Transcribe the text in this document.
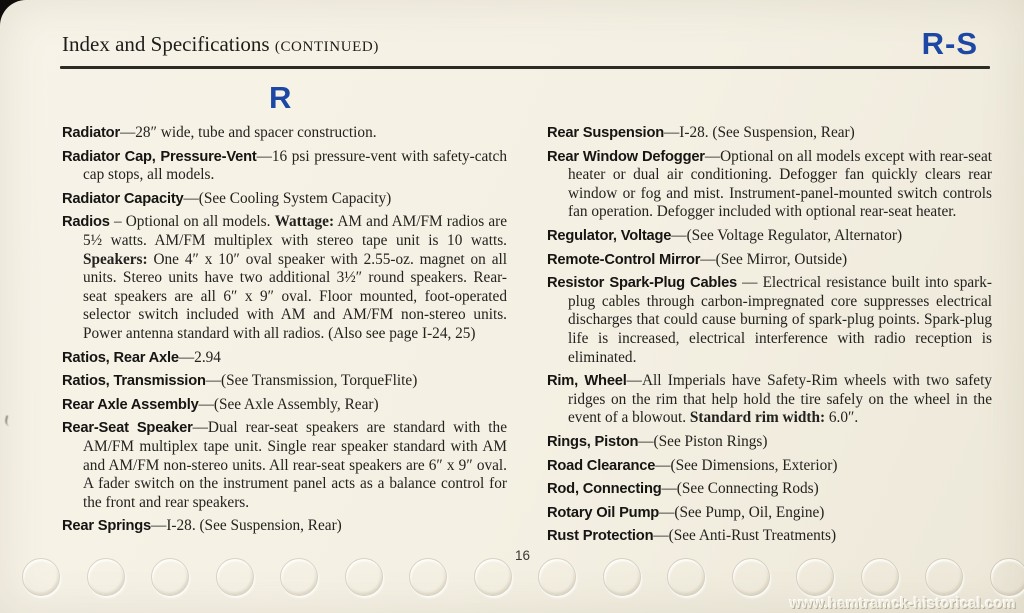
Index and Specifications (CONTINUED)	R-S
R

Radiator—28″ wide, tube and spacer construction.

Radiator Cap, Pressure-Vent—16 psi pressure-vent with safety-catch cap stops, all models.

Radiator Capacity—(See Cooling System Capacity)

Radios – Optional on all models. Wattage: AM and AM/FM radios are 5½ watts. AM/FM multiplex with stereo tape unit is 10 watts. Speakers: One 4″ x 10″ oval speaker with 2.55-oz. magnet on all units. Stereo units have two additional 3½″ round speakers. Rear-seat speakers are all 6″ x 9″ oval. Floor mounted, foot-operated selector switch included with AM and AM/FM non-stereo units. Power antenna standard with all radios. (Also see page I-24, 25)

Ratios, Rear Axle—2.94

Ratios, Transmission—(See Transmission, TorqueFlite)

Rear Axle Assembly—(See Axle Assembly, Rear)

Rear-Seat Speaker—Dual rear-seat speakers are standard with the AM/FM multiplex tape unit. Single rear speaker standard with AM and AM/FM non-stereo units. All rear-seat speakers are 6″ x 9″ oval. A fader switch on the instrument panel acts as a balance control for the front and rear speakers.

Rear Springs—I-28. (See Suspension, Rear)

Rear Suspension—I-28. (See Suspension, Rear)

Rear Window Defogger—Optional on all models except with rear-seat heater or dual air conditioning. Defogger fan quickly clears rear window or fog and mist. Instrument-panel-mounted switch controls fan operation. Defogger included with optional rear-seat heater.

Regulator, Voltage—(See Voltage Regulator, Alternator)

Remote-Control Mirror—(See Mirror, Outside)

Resistor Spark-Plug Cables — Electrical resistance built into spark-plug cables through carbon-impregnated core suppresses electrical discharges that could cause burning of spark-plug points. Spark-plug life is increased, electrical interference with radio reception is eliminated.

Rim, Wheel—All Imperials have Safety-Rim wheels with two safety ridges on the rim that help hold the tire safely on the wheel in the event of a blowout. Standard rim width: 6.0″.

Rings, Piston—(See Piston Rings)

Road Clearance—(See Dimensions, Exterior)

Rod, Connecting—(See Connecting Rods)

Rotary Oil Pump—(See Pump, Oil, Engine)

Rust Protection—(See Anti-Rust Treatments)

16
www.hamtramck-historical.com
